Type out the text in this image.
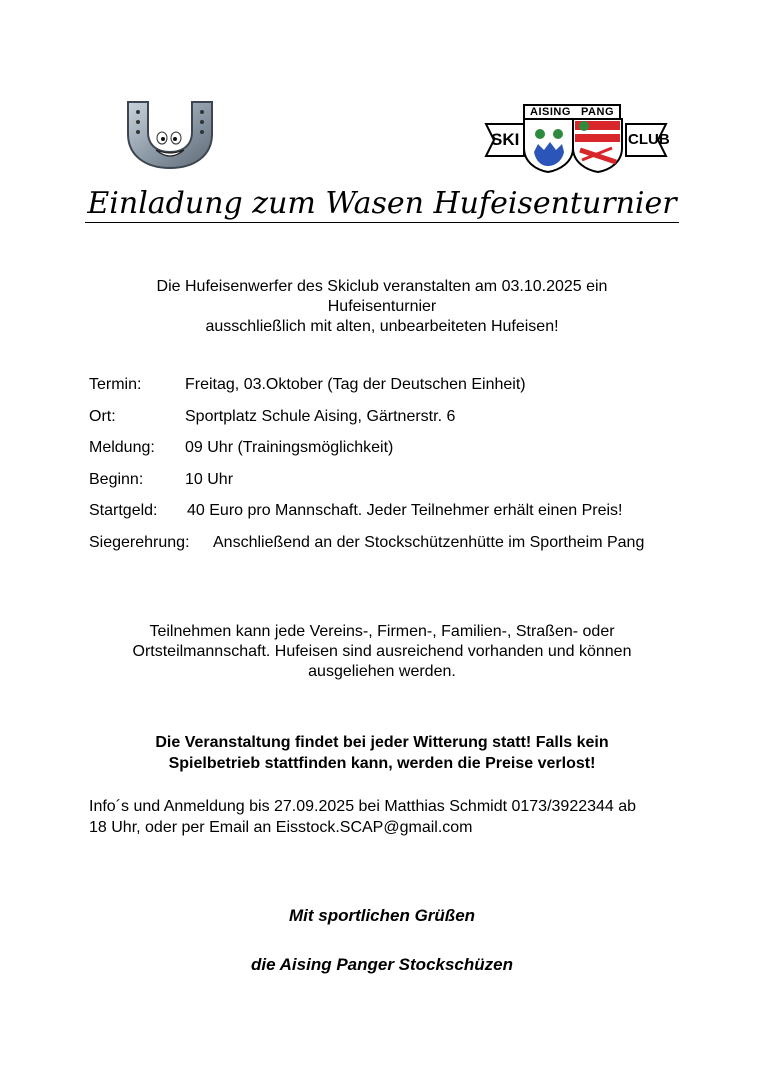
AISING PANG
SKI	CLUB
Einladung zum Wasen Hufeisenturnier
Die Hufeisenwerfer des Skiclub veranstalten am 03.10.2025 ein
Hufeisenturnier
ausschließlich mit alten, unbearbeiteten Hufeisen!
Termin:	Freitag, 03.Oktober (Tag der Deutschen Einheit)
Ort:	Sportplatz Schule Aising, Gärtnerstr. 6
Meldung: 09 Uhr (Trainingsmöglichkeit)
Beginn:	10 Uhr
Startgeld: 40 Euro pro Mannschaft. Jeder Teilnehmer erhält einen Preis!
Siegerehrung: Anschließend an der Stockschützenhütte im Sportheim Pang
Teilnehmen kann jede Vereins-, Firmen-, Familien-, Straßen- oder
Ortsteilmannschaft. Hufeisen sind ausreichend vorhanden und können
ausgeliehen werden.
Die Veranstaltung findet bei jeder Witterung statt! Falls kein
Spielbetrieb stattfinden kann, werden die Preise verlost!
Info´s und Anmeldung bis 27.09.2025 bei Matthias Schmidt 0173/3922344 ab
18 Uhr, oder per Email an Eisstock.SCAP@gmail.com
Mit sportlichen Grüßen
die Aising Panger Stockschüzen
